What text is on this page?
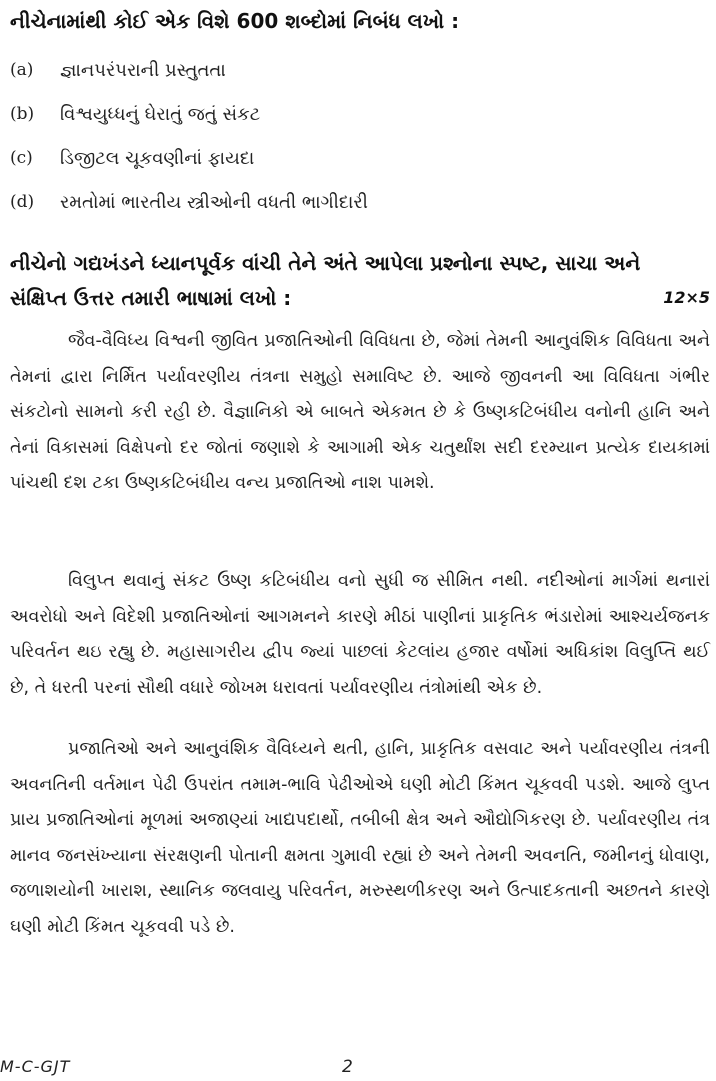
નીચેનામાંથી કોઈ એક વિશે 600 શબ્દોમાં નિબંધ લખો :
(a)	જ્ઞાનપરંપરાની પ્રસ્તુતતા
(b)	વિશ્વયુધ્ધનું ઘેરાતું જતું સંકટ
(c)	ડિજીટલ ચૂકવણીનાં ફાયદા
(d)	રમતોમાં ભારતીય સ્ત્રીઓની વધતી ભાગીદારી
નીચેનો ગદ્યખંડને ધ્યાનપૂર્વક વાંચી તેને અંતે આપેલા પ્રશ્નોના સ્પષ્ટ, સાચા અને
સંક્ષિપ્ત ઉત્તર તમારી ભાષામાં લખો :	12×5

જૈવ-વૈવિધ્ય વિશ્વની જીવિત પ્રજાતિઓની વિવિધતા છે, જેમાં તેમની આનુવંશિક વિવિધતા અને તેમનાં દ્વારા નિર્મિત પર્યાવરણીય તંત્રના સમુહો સમાવિષ્ટ છે. આજે જીવનની આ વિવિધતા ગંભીર સંકટોનો સામનો કરી રહી છે. વૈજ્ઞાનિકો એ બાબતે એકમત છે કે ઉષ્ણકટિબંધીય વનોની હાનિ અને તેનાં વિકાસમાં વિક્ષેપનો દર જોતાં જણાશે કે આગામી એક ચતુર્થાંશ સદી દરમ્યાન પ્રત્યેક દાયકામાં પાંચથી દશ ટકા ઉષ્ણકટિબંધીય વન્ય પ્રજાતિઓ નાશ પામશે.

વિલુપ્ત થવાનું સંકટ ઉષ્ણ કટિબંધીય વનો સુધી જ સીમિત નથી. નદીઓનાં માર્ગમાં થનારાં અવરોધો અને વિદેશી પ્રજાતિઓનાં આગમનને કારણે મીઠાં પાણીનાં પ્રાકૃતિક ભંડારોમાં આશ્ચર્યજનક પરિવર્તન થઇ રહ્યુ છે. મહાસાગરીય દ્વીપ જ્યાં પાછલાં કેટલાંય હજાર વર્ષોમાં અધિકાંશ વિલુપ્તિ થઈ છે, તે ધરતી પરનાં સૌથી વધારે જોખમ ધરાવતાં પર્યાવરણીય તંત્રોમાંથી એક છે.

પ્રજાતિઓ અને આનુવંશિક વૈવિધ્યને થતી, હાનિ, પ્રાકૃતિક વસવાટ અને પર્યાવરણીય તંત્રની અવનતિની વર્તમાન પેઢી ઉપરાંત તમામ-ભાવિ પેઢીઓએ ઘણી મોટી કિંમત ચૂકવવી પડશે. આજે લુપ્ત પ્રાય પ્રજાતિઓનાં મૂળમાં અજાણ્યાં ખાદ્યપદાર્થો, તબીબી ક્ષેત્ર અને ઔદ્યોગિકરણ છે. પર્યાવરણીય તંત્ર માનવ જનસંખ્યાના સંરક્ષણની પોતાની ક્ષમતા ગુમાવી રહ્યાં છે અને તેમની અવનતિ, જમીનનું ધોવાણ, જળાશયોની ખારાશ, સ્થાનિક જલવાયુ પરિવર્તન, મરુસ્થળીકરણ અને ઉત્પાદકતાની અછતને કારણે ઘણી મોટી કિંમત ચૂકવવી પડે છે.

M-C-GJT	2
